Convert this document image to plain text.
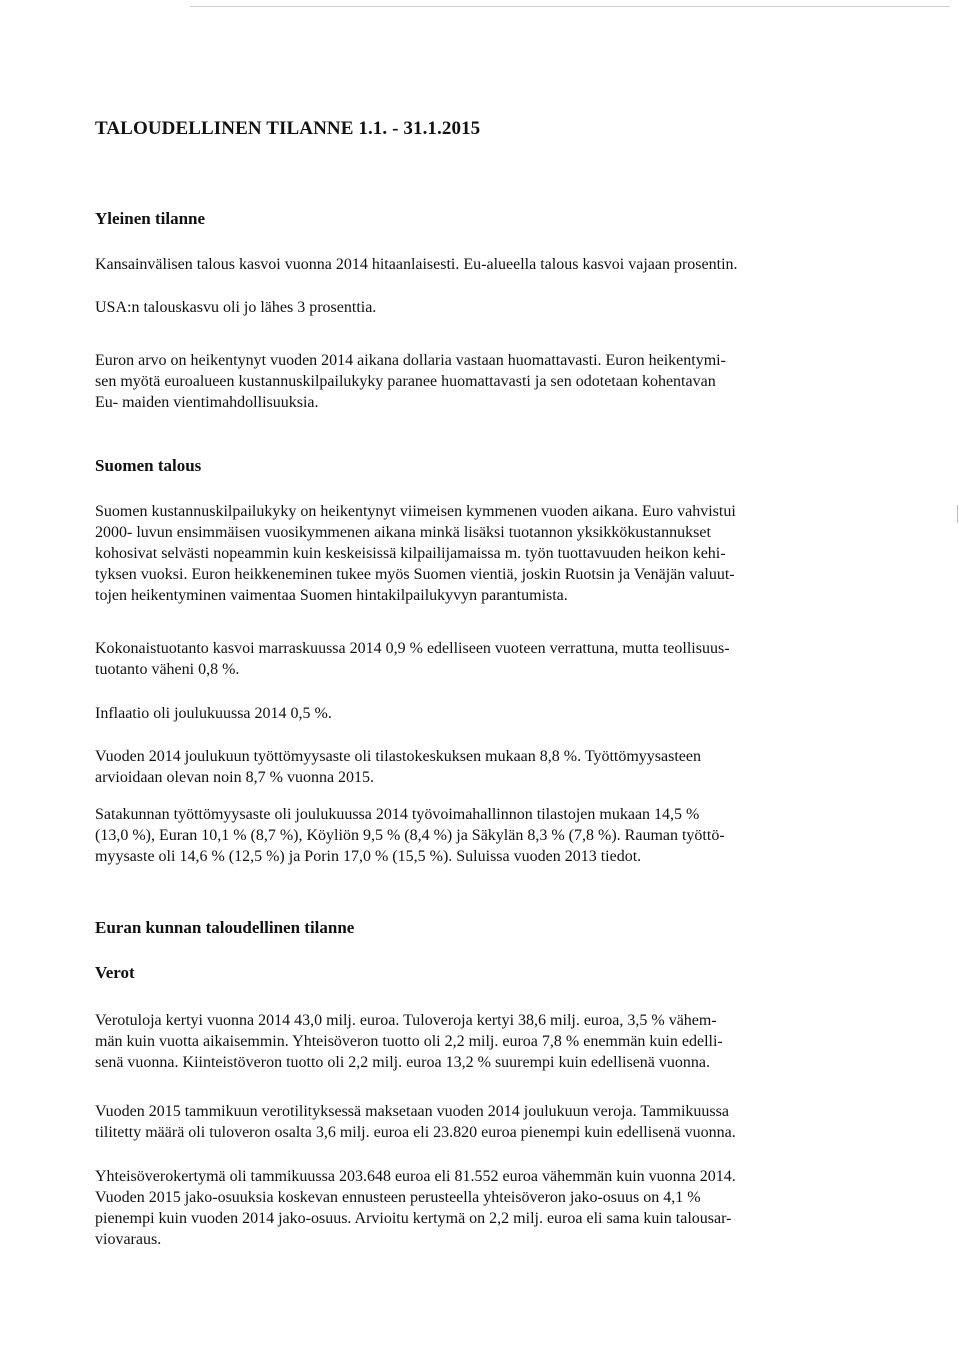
TALOUDELLINEN TILANNE 1.1. - 31.1.2015
Yleinen tilanne
Kansainvälisen talous kasvoi vuonna 2014 hitaanlaisesti. Eu-alueella talous kasvoi vajaan prosentin.
USA:n talouskasvu oli jo lähes 3 prosenttia.
Euron arvo on heikentynyt vuoden 2014 aikana dollaria vastaan huomattavasti. Euron heikentymi-
sen myötä euroalueen kustannuskilpailukyky paranee huomattavasti ja sen odotetaan kohentavan
Eu- maiden vientimahdollisuuksia.
Suomen talous
Suomen kustannuskilpailukyky on heikentynyt viimeisen kymmenen vuoden aikana. Euro vahvistui
2000- luvun ensimmäisen vuosikymmenen aikana minkä lisäksi tuotannon yksikkökustannukset
kohosivat selvästi nopeammin kuin keskeisissä kilpailijamaissa m. työn tuottavuuden heikon kehi-
tyksen vuoksi. Euron heikkeneminen tukee myös Suomen vientiä, joskin Ruotsin ja Venäjän valuut-
tojen heikentyminen vaimentaa Suomen hintakilpailukyvyn parantumista.
Kokonaistuotanto kasvoi marraskuussa 2014 0,9 % edelliseen vuoteen verrattuna, mutta teollisuus-
tuotanto väheni 0,8 %.
Inflaatio oli joulukuussa 2014 0,5 %.
Vuoden 2014 joulukuun työttömyysaste oli tilastokeskuksen mukaan 8,8 %. Työttömyysasteen
arvioidaan olevan noin 8,7 % vuonna 2015.
Satakunnan työttömyysaste oli joulukuussa 2014 työvoimahallinnon tilastojen mukaan 14,5 %
(13,0 %), Euran 10,1 % (8,7 %), Köyliön 9,5 % (8,4 %) ja Säkylän 8,3 % (7,8 %). Rauman työttö-
myysaste oli 14,6 % (12,5 %) ja Porin 17,0 % (15,5 %). Suluissa vuoden 2013 tiedot.
Euran kunnan taloudellinen tilanne
Verot
Verotuloja kertyi vuonna 2014 43,0 milj. euroa. Tuloveroja kertyi 38,6 milj. euroa, 3,5 % vähem-
män kuin vuotta aikaisemmin. Yhteisöveron tuotto oli 2,2 milj. euroa 7,8 % enemmän kuin edelli-
senä vuonna. Kiinteistöveron tuotto oli 2,2 milj. euroa 13,2 % suurempi kuin edellisenä vuonna.
Vuoden 2015 tammikuun verotilityksessä maksetaan vuoden 2014 joulukuun veroja. Tammikuussa
tilitetty määrä oli tuloveron osalta 3,6 milj. euroa eli 23.820 euroa pienempi kuin edellisenä vuonna.
Yhteisöverokertymä oli tammikuussa 203.648 euroa eli 81.552 euroa vähemmän kuin vuonna 2014.
Vuoden 2015 jako-osuuksia koskevan ennusteen perusteella yhteisöveron jako-osuus on 4,1 %
pienempi kuin vuoden 2014 jako-osuus. Arvioitu kertymä on 2,2 milj. euroa eli sama kuin talousar-
viovaraus.
